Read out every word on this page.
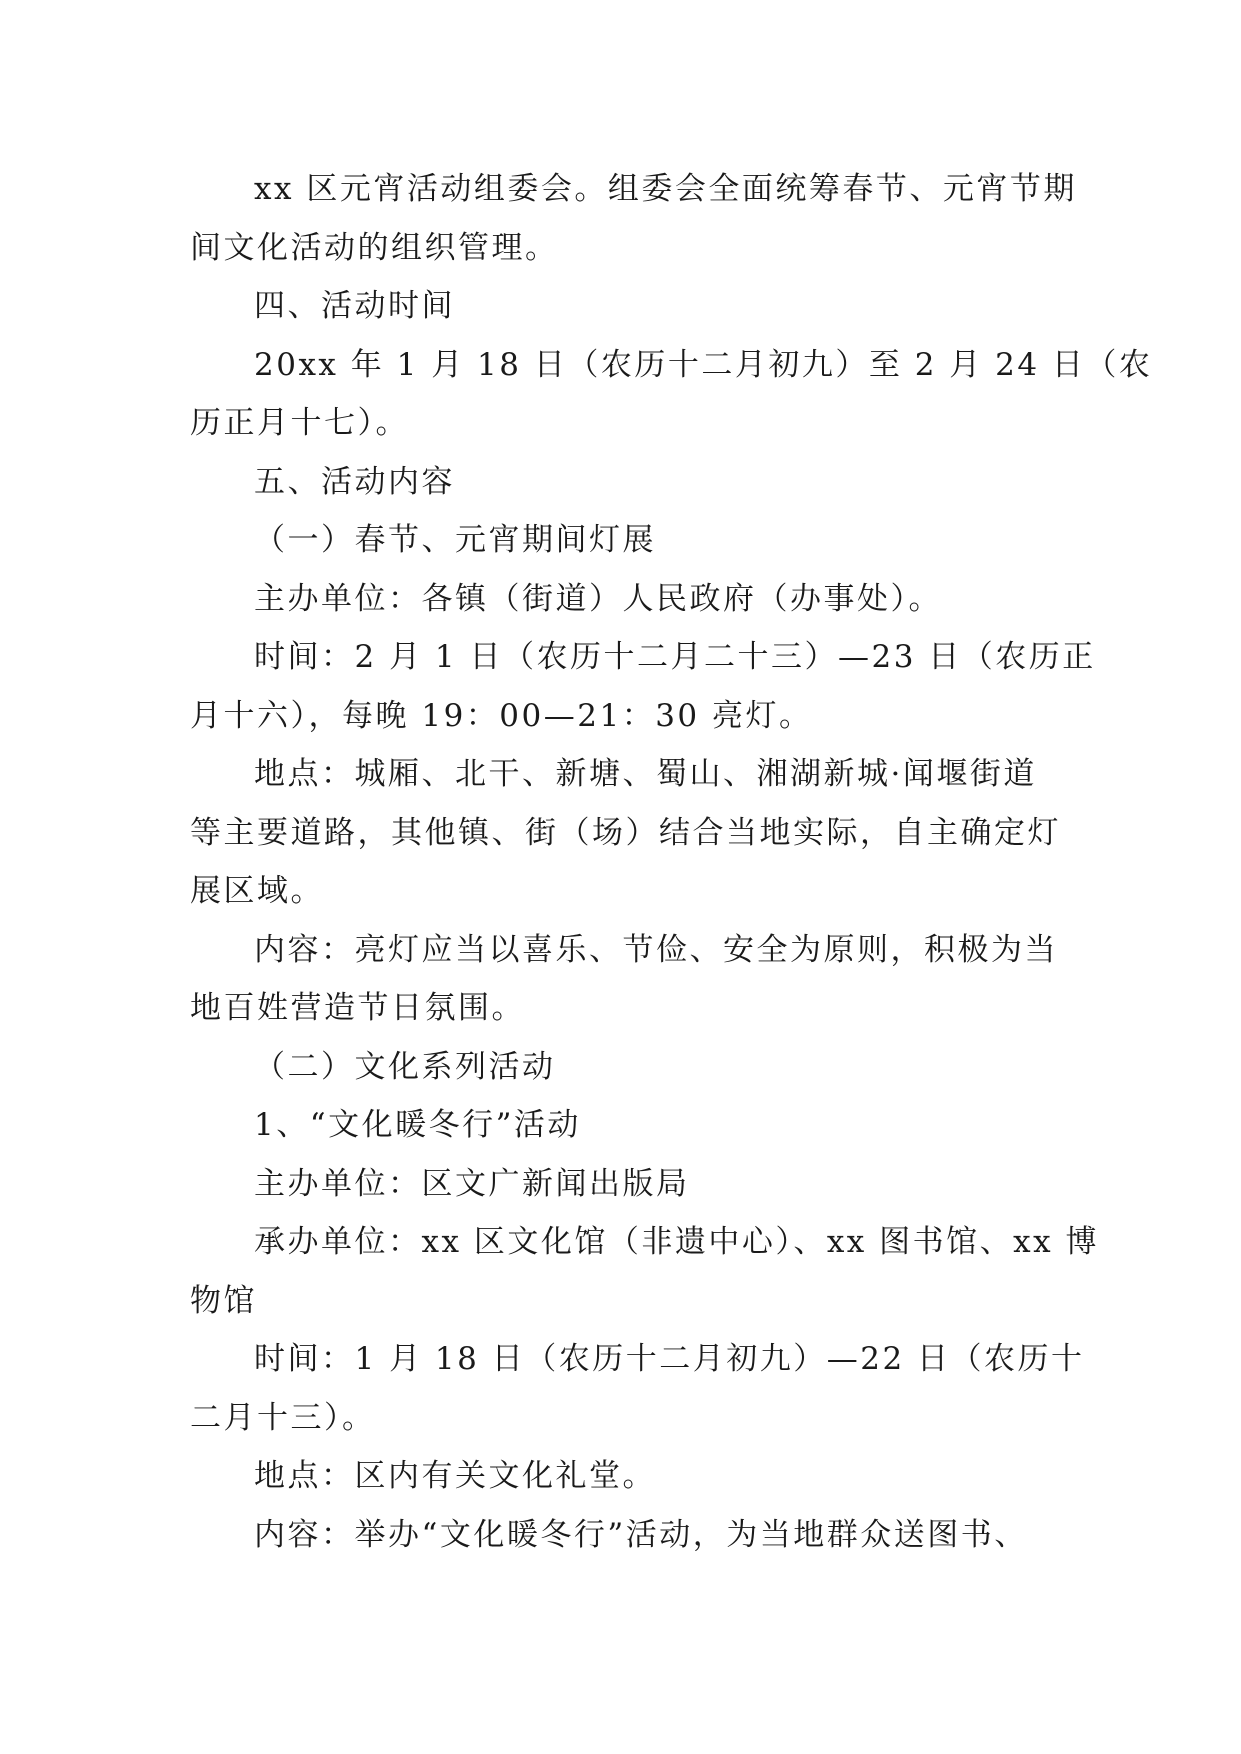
xx 区元宵活动组委会。组委会全面统筹春节、元宵节期
间文化活动的组织管理。
四、活动时间
20xx 年 1 月 18 日（农历十二月初九）至 2 月 24 日（农
历正月十七）。
五、活动内容
（一）春节、元宵期间灯展
主办单位：各镇（街道）人民政府（办事处）。
时间：2 月 1 日（农历十二月二十三）—23 日（农历正
月十六），每晚 19：00—21：30 亮灯。
地点：城厢、北干、新塘、蜀山、湘湖新城·闻堰街道
等主要道路，其他镇、街（场）结合当地实际，自主确定灯
展区域。
内容：亮灯应当以喜乐、节俭、安全为原则，积极为当
地百姓营造节日氛围。
（二）文化系列活动
1、“文化暖冬行”活动
主办单位：区文广新闻出版局
承办单位：xx 区文化馆（非遗中心）、xx 图书馆、xx 博
物馆
时间：1 月 18 日（农历十二月初九）—22 日（农历十
二月十三）。
地点：区内有关文化礼堂。
内容：举办“文化暖冬行”活动，为当地群众送图书、
